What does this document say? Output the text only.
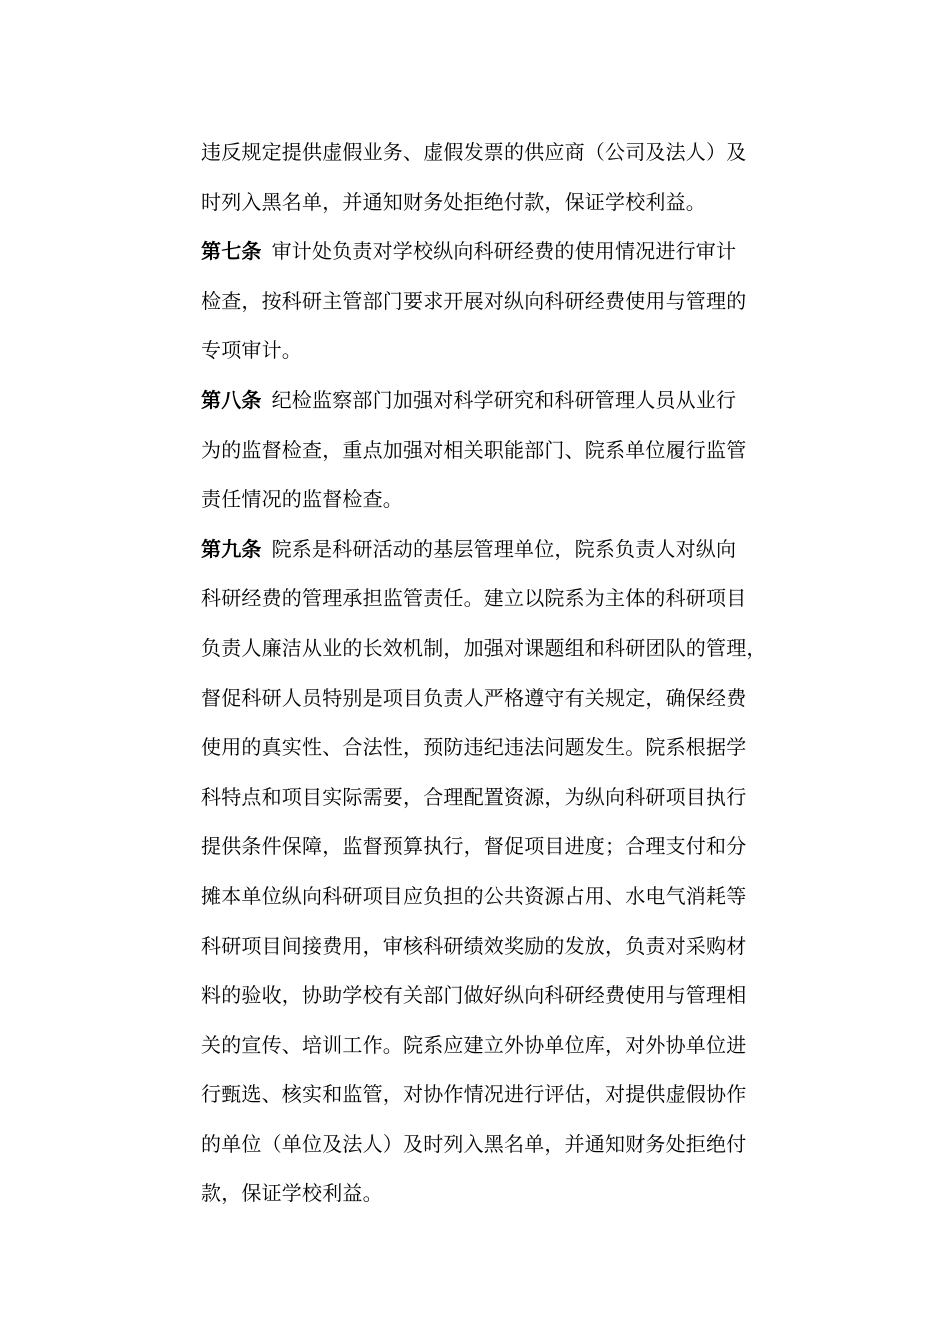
违反规定提供虚假业务、虚假发票的供应商（公司及法人）及
时列入黑名单，并通知财务处拒绝付款，保证学校利益。
第七条 审计处负责对学校纵向科研经费的使用情况进行审计
检查，按科研主管部门要求开展对纵向科研经费使用与管理的
专项审计。
第八条 纪检监察部门加强对科学研究和科研管理人员从业行
为的监督检查，重点加强对相关职能部门、院系单位履行监管
责任情况的监督检查。
第九条 院系是科研活动的基层管理单位，院系负责人对纵向
科研经费的管理承担监管责任。建立以院系为主体的科研项目
负责人廉洁从业的长效机制，加强对课题组和科研团队的管理，
督促科研人员特别是项目负责人严格遵守有关规定，确保经费
使用的真实性、合法性，预防违纪违法问题发生。院系根据学
科特点和项目实际需要，合理配置资源，为纵向科研项目执行
提供条件保障，监督预算执行，督促项目进度；合理支付和分
摊本单位纵向科研项目应负担的公共资源占用、水电气消耗等
科研项目间接费用，审核科研绩效奖励的发放，负责对采购材
料的验收，协助学校有关部门做好纵向科研经费使用与管理相
关的宣传、培训工作。院系应建立外协单位库，对外协单位进
行甄选、核实和监管，对协作情况进行评估，对提供虚假协作
的单位（单位及法人）及时列入黑名单，并通知财务处拒绝付
款，保证学校利益。
